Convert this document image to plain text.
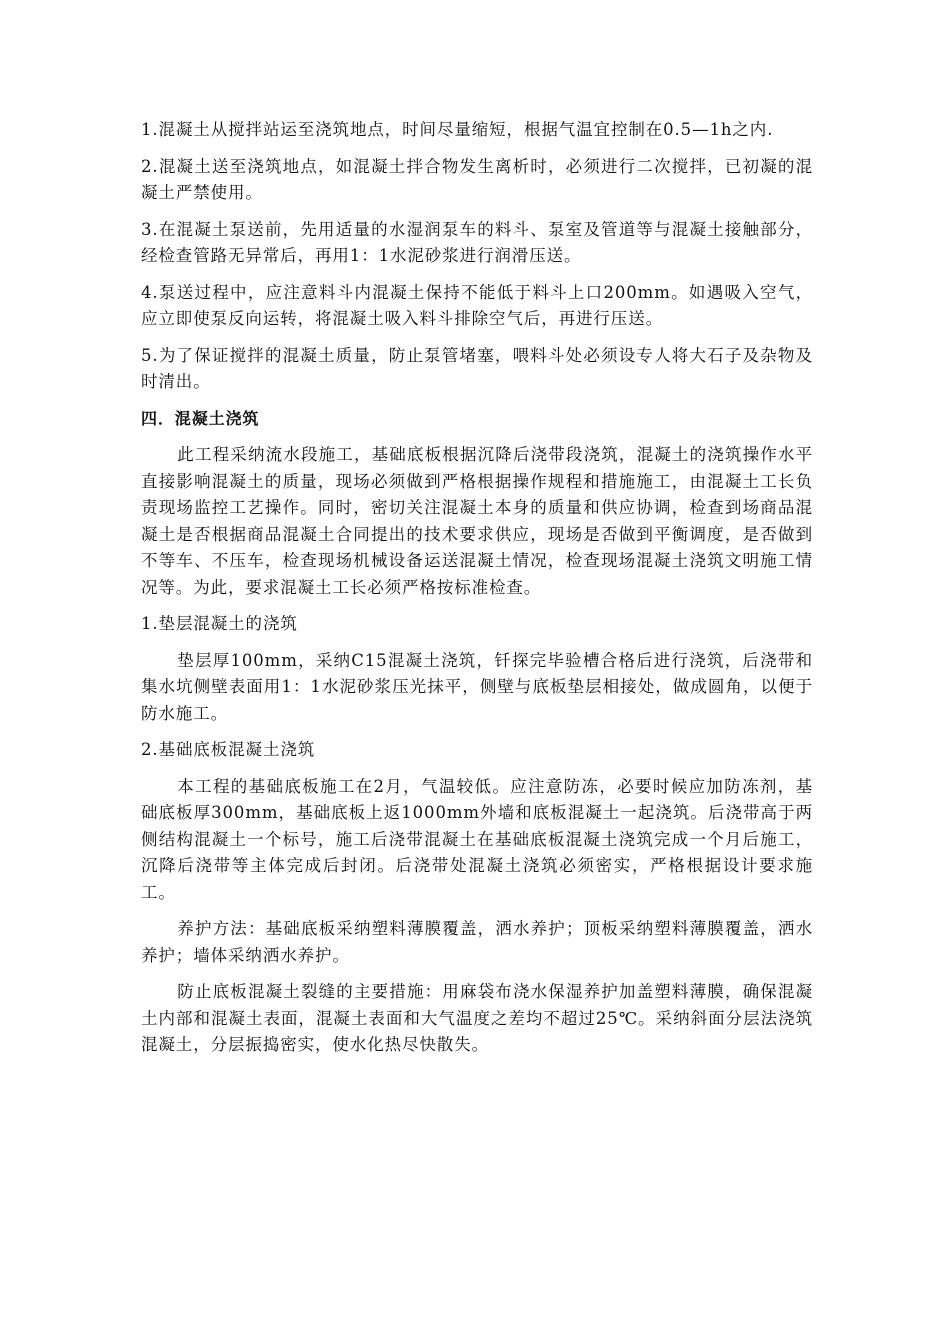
1.混凝土从搅拌站运至浇筑地点，时间尽量缩短，根据气温宜控制在0.5—1h之内.

2.混凝土送至浇筑地点，如混凝土拌合物发生离析时，必须进行二次搅拌，已初凝的混凝土严禁使用。

3.在混凝土泵送前，先用适量的水湿润泵车的料斗、泵室及管道等与混凝土接触部分，经检查管路无异常后，再用1：1水泥砂浆进行润滑压送。

4.泵送过程中，应注意料斗内混凝土保持不能低于料斗上口200mm。如遇吸入空气，应立即使泵反向运转，将混凝土吸入料斗排除空气后，再进行压送。

5.为了保证搅拌的混凝土质量，防止泵管堵塞，喂料斗处必须设专人将大石子及杂物及时清出。

四．混凝土浇筑

此工程采纳流水段施工，基础底板根据沉降后浇带段浇筑，混凝土的浇筑操作水平直接影响混凝土的质量，现场必须做到严格根据操作规程和措施施工，由混凝土工长负责现场监控工艺操作。同时，密切关注混凝土本身的质量和供应协调，检查到场商品混凝土是否根据商品混凝土合同提出的技术要求供应，现场是否做到平衡调度，是否做到不等车、不压车，检查现场机械设备运送混凝土情况，检查现场混凝土浇筑文明施工情况等。为此，要求混凝土工长必须严格按标准检查。

1.垫层混凝土的浇筑

垫层厚100mm，采纳C15混凝土浇筑，钎探完毕验槽合格后进行浇筑，后浇带和集水坑侧壁表面用1：1水泥砂浆压光抹平，侧壁与底板垫层相接处，做成圆角，以便于防水施工。

2.基础底板混凝土浇筑

本工程的基础底板施工在2月，气温较低。应注意防冻，必要时候应加防冻剂，基础底板厚300mm，基础底板上返1000mm外墙和底板混凝土一起浇筑。后浇带高于两侧结构混凝土一个标号，施工后浇带混凝土在基础底板混凝土浇筑完成一个月后施工，沉降后浇带等主体完成后封闭。后浇带处混凝土浇筑必须密实，严格根据设计要求施工。

养护方法：基础底板采纳塑料薄膜覆盖，洒水养护；顶板采纳塑料薄膜覆盖，洒水养护；墙体采纳洒水养护。

防止底板混凝土裂缝的主要措施：用麻袋布浇水保湿养护加盖塑料薄膜，确保混凝土内部和混凝土表面，混凝土表面和大气温度之差均不超过25℃。采纳斜面分层法浇筑混凝土，分层振捣密实，使水化热尽快散失。
